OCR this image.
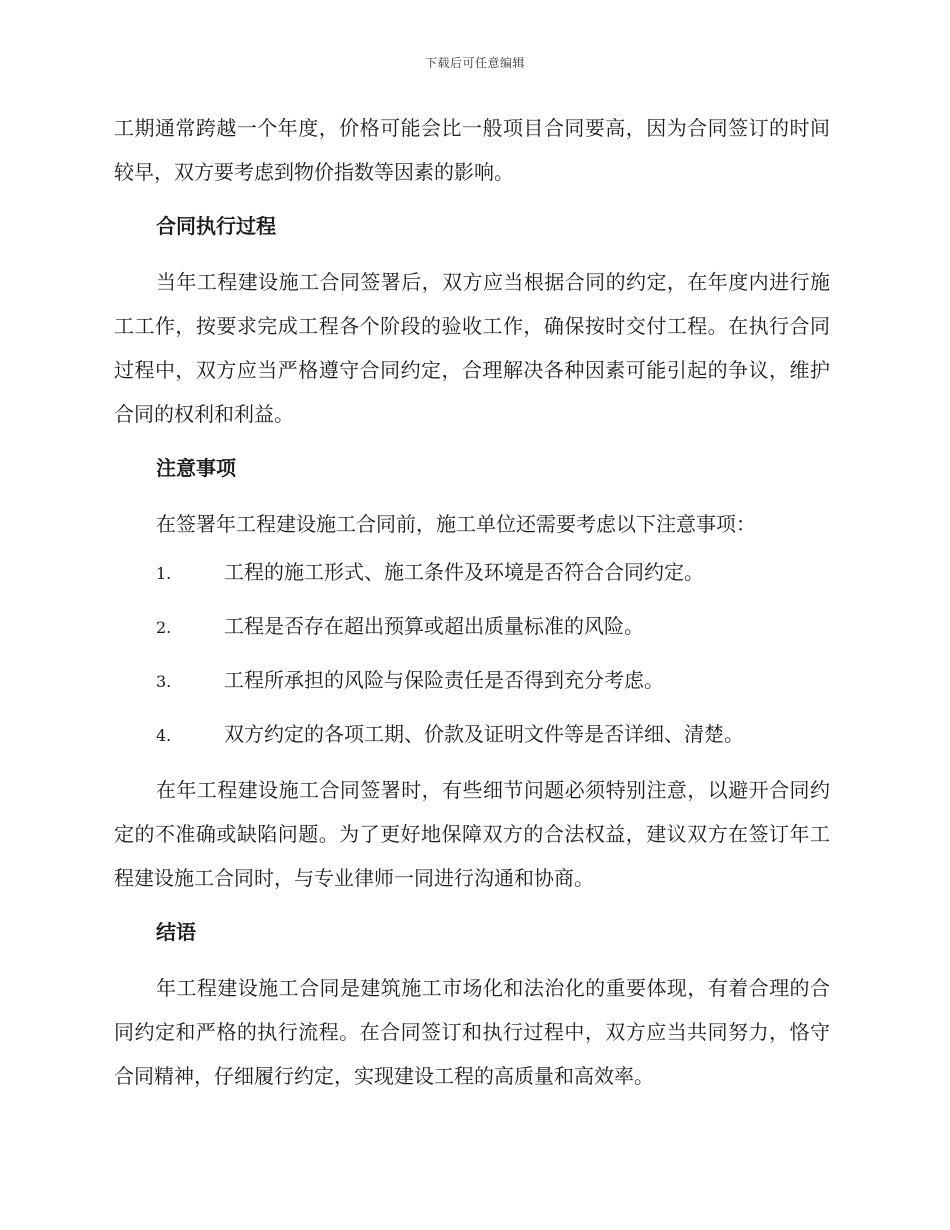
下载后可任意编辑

工期通常跨越一个年度，价格可能会比一般项目合同要高，因为合同签订的时间较早，双方要考虑到物价指数等因素的影响。

合同执行过程

当年工程建设施工合同签署后，双方应当根据合同的约定，在年度内进行施工工作，按要求完成工程各个阶段的验收工作，确保按时交付工程。在执行合同过程中，双方应当严格遵守合同约定，合理解决各种因素可能引起的争议，维护合同的权利和利益。

注意事项

在签署年工程建设施工合同前，施工单位还需要考虑以下注意事项：

1.	工程的施工形式、施工条件及环境是否符合合同约定。
2.	工程是否存在超出预算或超出质量标准的风险。
3.	工程所承担的风险与保险责任是否得到充分考虑。
4.	双方约定的各项工期、价款及证明文件等是否详细、清楚。

在年工程建设施工合同签署时，有些细节问题必须特别注意，以避开合同约定的不准确或缺陷问题。为了更好地保障双方的合法权益，建议双方在签订年工程建设施工合同时，与专业律师一同进行沟通和协商。

结语

年工程建设施工合同是建筑施工市场化和法治化的重要体现，有着合理的合同约定和严格的执行流程。在合同签订和执行过程中，双方应当共同努力，恪守合同精神，仔细履行约定，实现建设工程的高质量和高效率。
